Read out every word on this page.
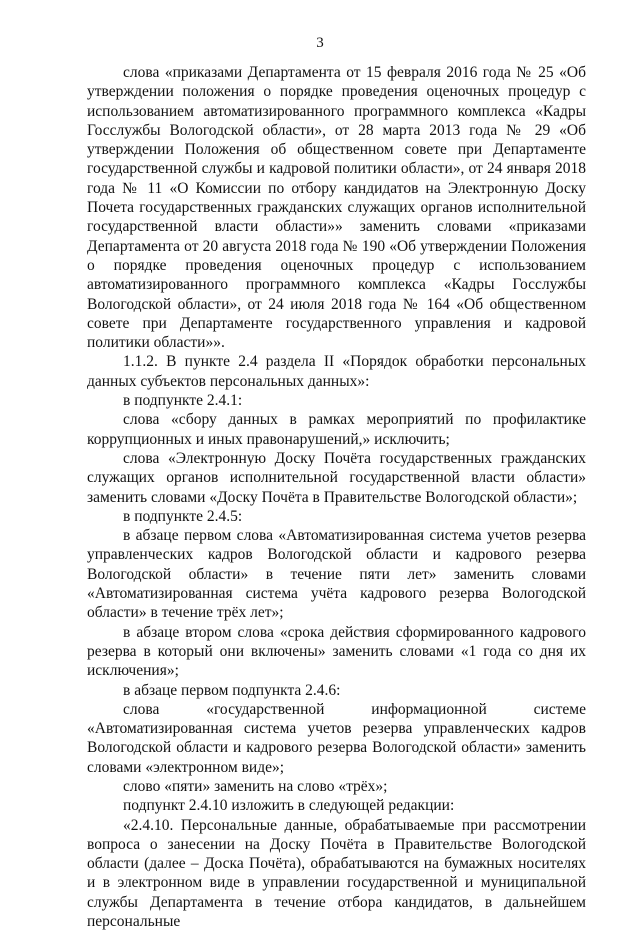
3

слова «приказами Департамента от 15 февраля 2016 года № 25 «Об утверждении положения о порядке проведения оценочных процедур с использованием автоматизированного программного комплекса «Кадры Госслужбы Вологодской области», от 28 марта 2013 года № 29 «Об утверждении Положения об общественном совете при Департаменте государственной службы и кадровой политики области», от 24 января 2018 года № 11 «О Комиссии по отбору кандидатов на Электронную Доску Почета государственных гражданских служащих органов исполнительной государственной власти области»» заменить словами «приказами Департамента от 20 августа 2018 года № 190 «Об утверждении Положения о порядке проведения оценочных процедур с использованием автоматизированного программного комплекса «Кадры Госслужбы Вологодской области», от 24 июля 2018 года № 164 «Об общественном совете при Департаменте государственного управления и кадровой политики области»».

1.1.2. В пункте 2.4 раздела II «Порядок обработки персональных данных субъектов персональных данных»:

в подпункте 2.4.1:

слова «сбору данных в рамках мероприятий по профилактике коррупционных и иных правонарушений,» исключить;

слова «Электронную Доску Почёта государственных гражданских служащих органов исполнительной государственной власти области» заменить словами «Доску Почёта в Правительстве Вологодской области»;

в подпункте 2.4.5:

в абзаце первом слова «Автоматизированная система учетов резерва управленческих кадров Вологодской области и кадрового резерва Вологодской области» в течение пяти лет» заменить словами «Автоматизированная система учёта кадрового резерва Вологодской области» в течение трёх лет»;

в абзаце втором слова «срока действия сформированного кадрового резерва в который они включены» заменить словами «1 года со дня их исключения»;

в абзаце первом подпункта 2.4.6:

слова «государственной информационной системе «Автоматизированная система учетов резерва управленческих кадров Вологодской области и кадрового резерва Вологодской области» заменить словами «электронном виде»;

слово «пяти» заменить на слово «трёх»;

подпункт 2.4.10 изложить в следующей редакции:

«2.4.10. Персональные данные, обрабатываемые при рассмотрении вопроса о занесении на Доску Почёта в Правительстве Вологодской области (далее – Доска Почёта), обрабатываются на бумажных носителях и в электронном виде в управлении государственной и муниципальной службы Департамента в течение отбора кандидатов, в дальнейшем персональные
